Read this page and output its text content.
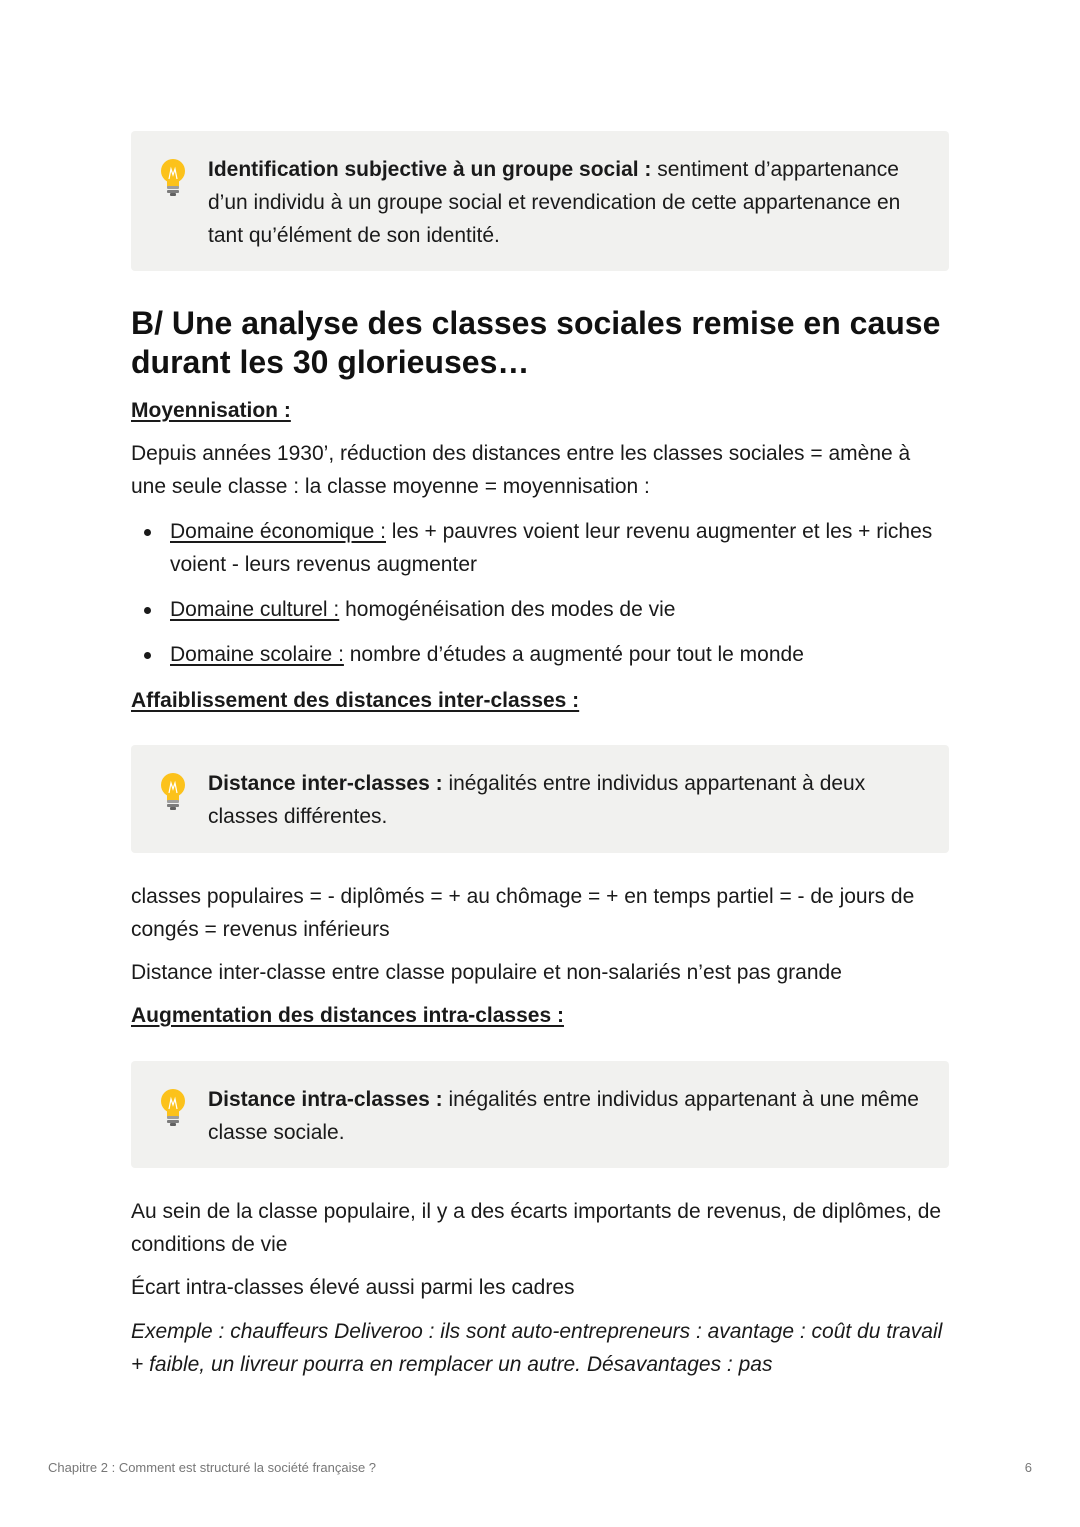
Identification subjective à un groupe social : sentiment d’appartenance d’un individu à un groupe social et revendication de cette appartenance en tant qu’élément de son identité.
B/ Une analyse des classes sociales remise en cause durant les 30 glorieuses…
Moyennisation :

Depuis années 1930’, réduction des distances entre les classes sociales = amène à une seule classe : la classe moyenne = moyennisation :

Domaine économique : les + pauvres voient leur revenu augmenter et les + riches voient - leurs revenus augmenter
Domaine culturel : homogénéisation des modes de vie
Domaine scolaire : nombre d’études a augmenté pour tout le monde
Affaiblissement des distances inter-classes :
Distance inter-classes : inégalités entre individus appartenant à deux classes différentes.

classes populaires = - diplômés = + au chômage = + en temps partiel = - de jours de congés = revenus inférieurs

Distance inter-classe entre classe populaire et non-salariés n’est pas grande

Augmentation des distances intra-classes :
Distance intra-classes : inégalités entre individus appartenant à une même classe sociale.

Au sein de la classe populaire, il y a des écarts importants de revenus, de diplômes, de conditions de vie

Écart intra-classes élevé aussi parmi les cadres

Exemple : chauffeurs Deliveroo : ils sont auto-entrepreneurs : avantage : coût du travail + faible, un livreur pourra en remplacer un autre. Désavantages : pas

Chapitre 2 : Comment est structuré la société française ?	6
